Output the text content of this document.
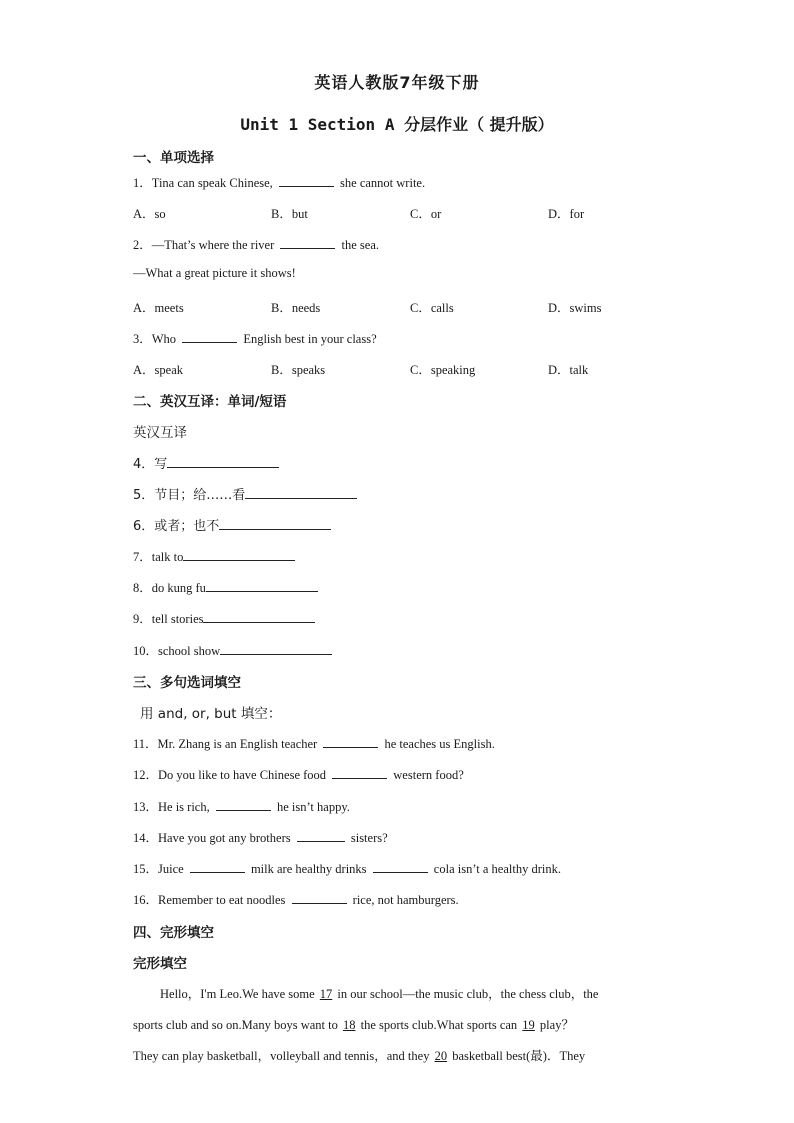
英语人教版7年级下册
Unit 1 Section A 分层作业（ 提升版）
一、单项选择
1．Tina can speak Chinese,	she cannot write.
A．so	B．but	C．or	D．for
2．—That’s where the river	the sea.
—What a great picture it shows!
A．meets	B．needs	C．calls	D．swims
3．Who	English best in your class?
A．speak	B．speaks	C．speaking	D．talk
二、英汉互译：单词/短语
英汉互译
4．写
5．节目；给……看
6．或者；也不
7．talk to
8．do kung fu
9．tell stories
10．school show
三、多句选词填空
用 and, or, but 填空：
11．Mr. Zhang is an English teacher	he teaches us English.
12．Do you like to have Chinese food	western food?
13．He is rich,	he isn’t happy.
14．Have you got any brothers	sisters?
15．Juice	milk are healthy drinks	cola isn’t a healthy drink.
16．Remember to eat noodles	rice, not hamburgers.
四、完形填空
完形填空
Hello，I'm Leo.We have some 17 in our school—the music club，the chess club，the
sports club and so on.Many boys want to 18 the sports club.What sports can 19 play？
They can play basketball，volleyball and tennis，and they 20 basketball best(最)．They
